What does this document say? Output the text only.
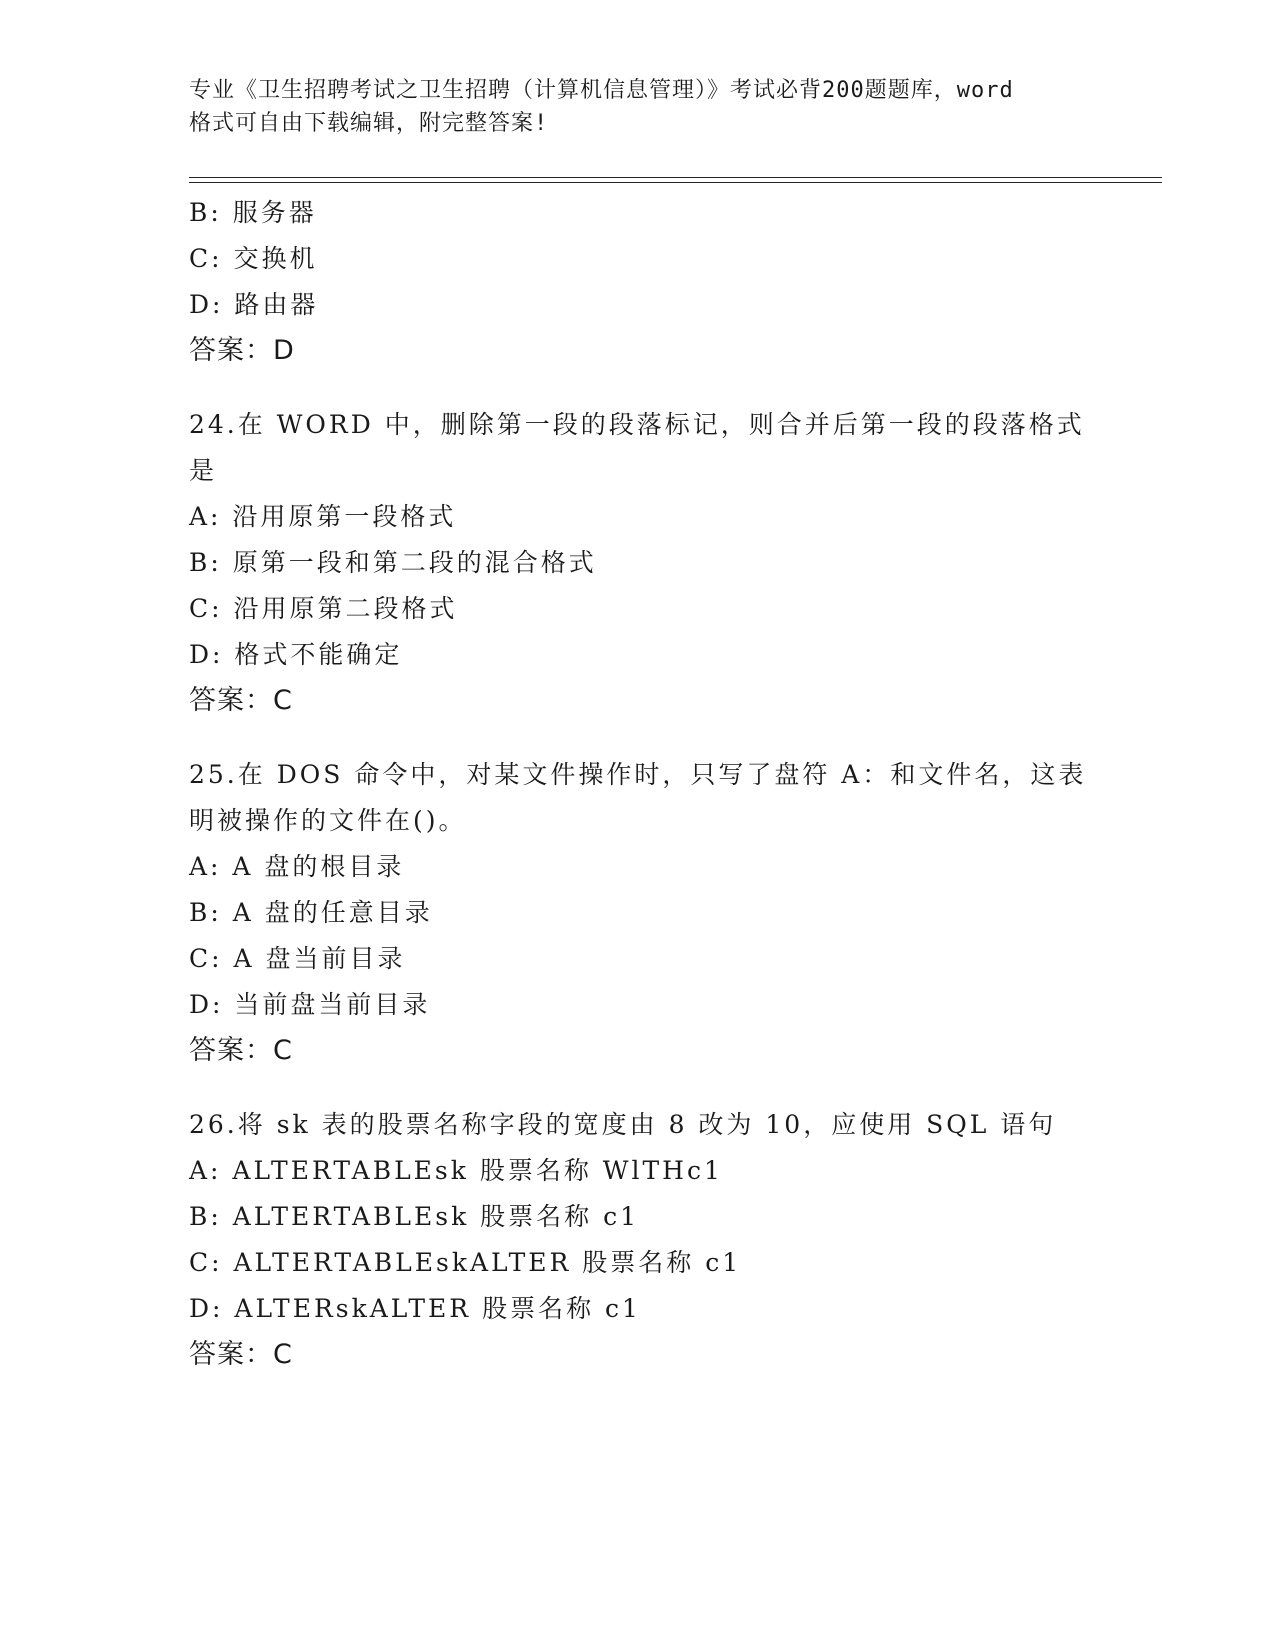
专业《卫生招聘考试之卫生招聘（计算机信息管理）》考试必背200题题库，word
格式可自由下载编辑，附完整答案!
B: 服务器
C: 交换机
D: 路由器
答案：D
24.在 WORD 中，删除第一段的段落标记，则合并后第一段的段落格式
是
A: 沿用原第一段格式
B: 原第一段和第二段的混合格式
C: 沿用原第二段格式
D: 格式不能确定
答案：C
25.在 DOS 命令中，对某文件操作时，只写了盘符 A：和文件名，这表
明被操作的文件在()。
A: A 盘的根目录
B: A 盘的任意目录
C: A 盘当前目录
D: 当前盘当前目录
答案：C
26.将 sk 表的股票名称字段的宽度由 8 改为 10，应使用 SQL 语句
A: ALTERTABLEsk 股票名称 WlTHc1
B: ALTERTABLEsk 股票名称 c1
C: ALTERTABLEskALTER 股票名称 c1
D: ALTERskALTER 股票名称 c1
答案：C
